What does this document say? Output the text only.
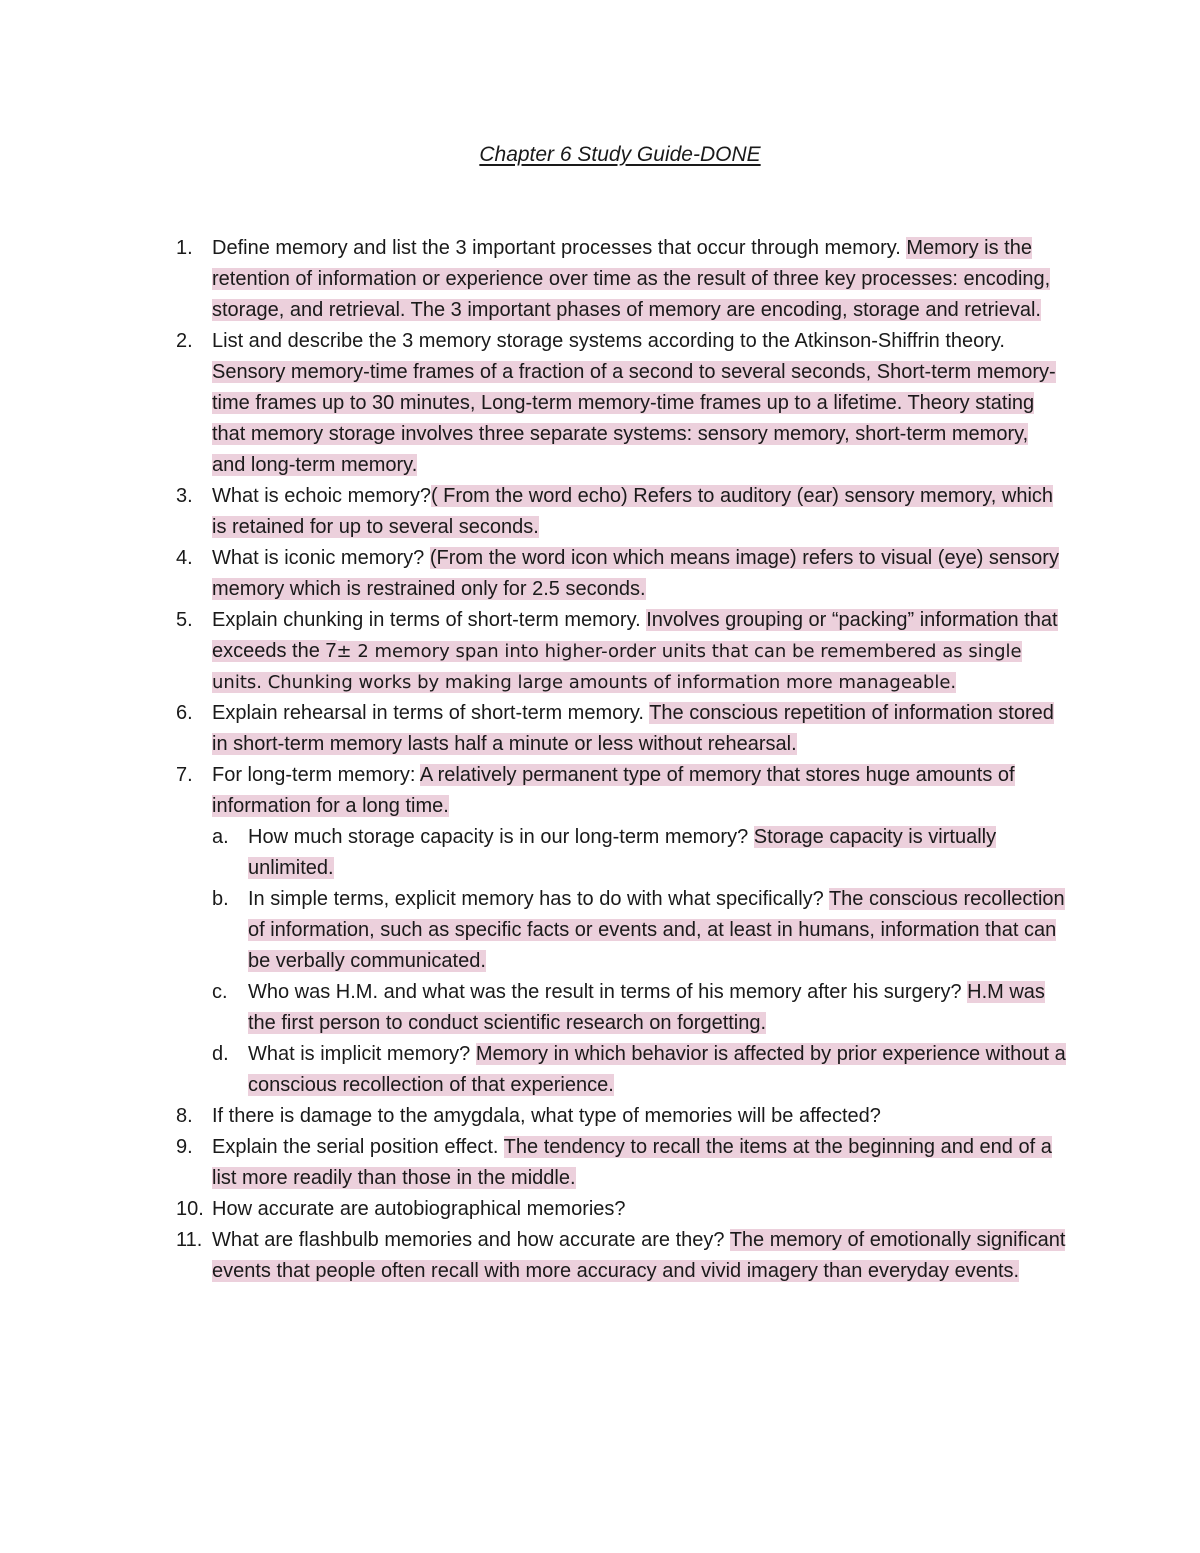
Chapter 6 Study Guide-DONE
1. Define memory and list the 3 important processes that occur through memory. Memory is the retention of information or experience over time as the result of three key processes: encoding, storage, and retrieval. The 3 important phases of memory are encoding, storage and retrieval.
2. List and describe the 3 memory storage systems according to the Atkinson-Shiffrin theory. Sensory memory-time frames of a fraction of a second to several seconds, Short-term memory-time frames up to 30 minutes, Long-term memory-time frames up to a lifetime. Theory stating that memory storage involves three separate systems: sensory memory, short-term memory, and long-term memory.
3. What is echoic memory?( From the word echo) Refers to auditory (ear) sensory memory, which is retained for up to several seconds.
4. What is iconic memory? (From the word icon which means image) refers to visual (eye) sensory memory which is restrained only for 2.5 seconds.
5. Explain chunking in terms of short-term memory. Involves grouping or “packing” information that exceeds the 7± 2 memory span into higher-order units that can be remembered as single units. Chunking works by making large amounts of information more manageable.
6. Explain rehearsal in terms of short-term memory. The conscious repetition of information stored in short-term memory lasts half a minute or less without rehearsal.
7. For long-term memory: A relatively permanent type of memory that stores huge amounts of information for a long time.
a. How much storage capacity is in our long-term memory? Storage capacity is virtually unlimited.
b. In simple terms, explicit memory has to do with what specifically? The conscious recollection of information, such as specific facts or events and, at least in humans, information that can be verbally communicated.
c.	Who was H.M. and what was the result in terms of his memory after his surgery? H.M was the first person to conduct scientific research on forgetting.
d. What is implicit memory? Memory in which behavior is affected by prior experience without a conscious recollection of that experience.
8. If there is damage to the amygdala, what type of memories will be affected?
9. Explain the serial position effect. The tendency to recall the items at the beginning and end of a list more readily than those in the middle.
10. How accurate are autobiographical memories?
11. What are flashbulb memories and how accurate are they? The memory of emotionally significant events that people often recall with more accuracy and vivid imagery than everyday events.
